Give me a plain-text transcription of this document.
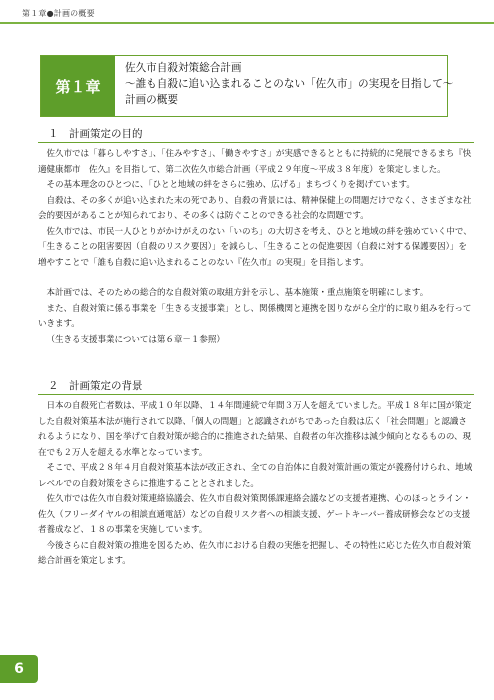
第１章●計画の概要
第１章
佐久市自殺対策総合計画
〜誰も自殺に追い込まれることのない「佐久市」の実現を目指して〜
計画の概要
１　計画策定の目的

佐久市では「暮らしやすさ」、「住みやすさ」、「働きやすさ」が実感できるとともに持続的に発展できるまち『快適健康都市　佐久』を目指して、第二次佐久市総合計画（平成２９年度〜平成３８年度）を策定しました。

その基本理念のひとつに、「ひとと地域の絆をさらに強め、広げる」まちづくりを掲げています。

自殺は、その多くが追い込まれた末の死であり、自殺の背景には、精神保健上の問題だけでなく、さまざまな社会的要因があることが知られており、その多くは防ぐことのできる社会的な問題です。

佐久市では、市民一人ひとりがかけがえのない「いのち」の大切さを考え、ひとと地域の絆を強めていく中で、「生きることの阻害要因（自殺のリスク要因）」を減らし、「生きることの促進要因（自殺に対する保護要因）」を増やすことで「誰も自殺に追い込まれることのない『佐久市』の実現」を目指します。

本計画では、そのための総合的な自殺対策の取組方針を示し、基本施策・重点施策を明確にします。

また、自殺対策に係る事業を「生きる支援事業」とし、関係機関と連携を図りながら全庁的に取り組みを行っていきます。

（生きる支援事業については第６章－１参照）

２　計画策定の背景

日本の自殺死亡者数は、平成１０年以降、１４年間連続で年間３万人を超えていました。平成１８年に国が策定した自殺対策基本法が施行されて以降、「個人の問題」と認識されがちであった自殺は広く「社会問題」と認識されるようになり、国を挙げて自殺対策が総合的に推進された結果、自殺者の年次推移は減少傾向となるものの、現在でも２万人を超える水準となっています。

そこで、平成２８年４月自殺対策基本法が改正され、全ての自治体に自殺対策計画の策定が義務付けられ、地域レベルでの自殺対策をさらに推進することとされました。

佐久市では佐久市自殺対策連絡協議会、佐久市自殺対策関係課連絡会議などの支援者連携、心のほっとライン・佐久（フリーダイヤルの相談直通電話）などの自殺リスク者への相談支援、ゲートキーパー養成研修会などの支援者養成など、１８の事業を実施しています。

今後さらに自殺対策の推進を図るため、佐久市における自殺の実態を把握し、その特性に応じた佐久市自殺対策総合計画を策定します。

6
